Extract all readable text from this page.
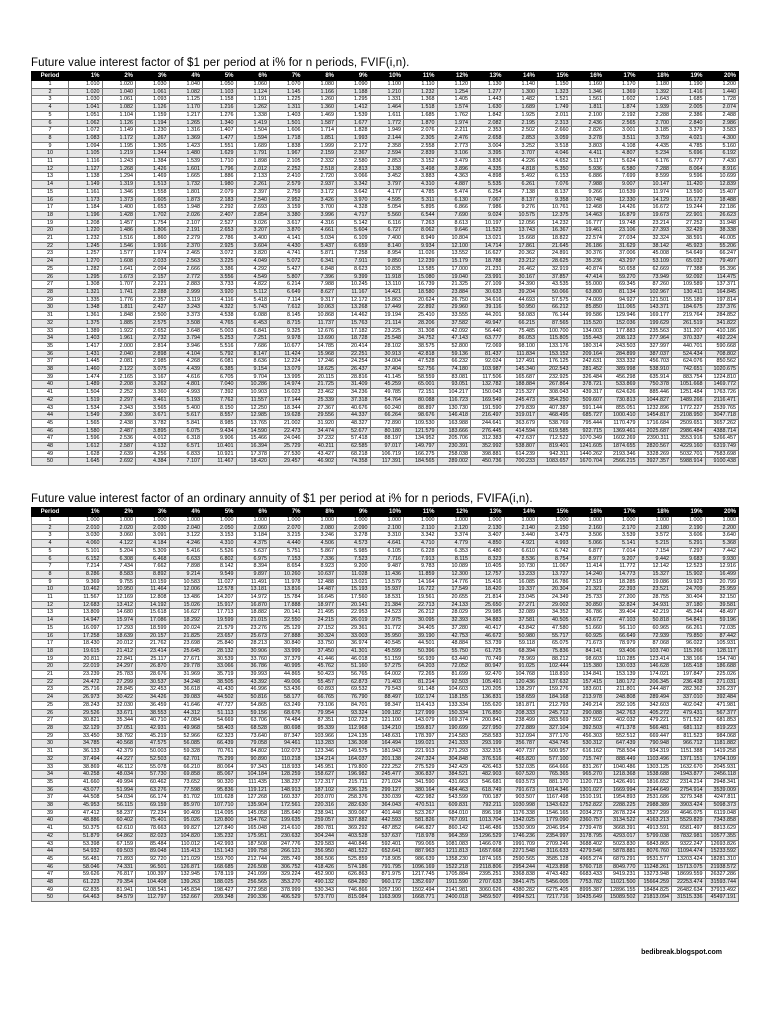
Future value interest factor of $1 per period at i% for n periods, FVIF(i,n).
Period	1%	2%	3%	4%	5%	6%	7%	8%	9%	10%	11%	12%	13%	14%	15%	16%	17%	18%	19%	20%
1	1.010	1.020	1.030	1.040	1.050	1.060	1.070	1.080	1.090	1.100	1.110	1.120	1.130	1.140	1.150	1.160	1.170	1.180	1.190	1.200
2	1.020	1.040	1.061	1.082	1.103	1.124	1.145	1.166	1.188	1.210	1.232	1.254	1.277	1.300	1.323	1.346	1.369	1.392	1.416	1.440
3	1.030	1.061	1.093	1.125	1.158	1.191	1.225	1.260	1.295	1.331	1.368	1.405	1.443	1.482	1.521	1.561	1.602	1.643	1.685	1.728
4	1.041	1.082	1.126	1.170	1.216	1.262	1.311	1.360	1.412	1.464	1.518	1.574	1.630	1.689	1.749	1.811	1.874	1.939	2.005	2.074
5	1.051	1.104	1.159	1.217	1.276	1.338	1.403	1.469	1.539	1.611	1.685	1.762	1.842	1.925	2.011	2.100	2.192	2.288	2.386	2.488
6	1.062	1.126	1.194	1.265	1.340	1.419	1.501	1.587	1.677	1.772	1.870	1.974	2.082	2.195	2.313	2.436	2.565	2.700	2.840	2.986
7	1.072	1.149	1.230	1.316	1.407	1.504	1.606	1.714	1.828	1.949	2.076	2.211	2.353	2.502	2.660	2.826	3.001	3.185	3.379	3.583
8	1.083	1.172	1.267	1.369	1.477	1.594	1.718	1.851	1.993	2.144	2.305	2.476	2.658	2.853	3.059	3.278	3.511	3.759	4.021	4.300
9	1.094	1.195	1.305	1.423	1.551	1.689	1.838	1.999	2.172	2.358	2.558	2.773	3.004	3.252	3.518	3.803	4.108	4.435	4.785	5.160
10	1.105	1.219	1.344	1.480	1.629	1.791	1.967	2.159	2.367	2.594	2.839	3.106	3.395	3.707	4.046	4.411	4.807	5.234	5.696	6.192
11	1.116	1.243	1.384	1.539	1.710	1.898	2.105	2.332	2.580	2.853	3.152	3.479	3.836	4.226	4.652	5.117	5.624	6.176	6.777	7.430
12	1.127	1.268	1.426	1.601	1.796	2.012	2.252	2.518	2.813	3.138	3.498	3.896	4.335	4.818	5.350	5.936	6.580	7.288	8.064	8.916
13	1.138	1.294	1.469	1.665	1.886	2.133	2.410	2.720	3.066	3.452	3.883	4.363	4.898	5.492	6.153	6.886	7.699	8.599	9.596	10.699
14	1.149	1.319	1.513	1.732	1.980	2.261	2.579	2.937	3.342	3.797	4.310	4.887	5.535	6.261	7.076	7.988	9.007	10.147	11.420	12.839
15	1.161	1.346	1.558	1.801	2.079	2.397	2.759	3.172	3.642	4.177	4.785	5.474	6.254	7.138	8.137	9.266	10.539	11.974	13.590	15.407
16	1.173	1.373	1.605	1.873	2.183	2.540	2.952	3.426	3.970	4.595	5.311	6.130	7.067	8.137	9.358	10.748	12.330	14.129	16.172	18.488
17	1.184	1.400	1.653	1.948	2.292	2.693	3.159	3.700	4.328	5.054	5.895	6.866	7.986	9.276	10.761	12.468	14.426	16.672	19.244	22.186
18	1.196	1.428	1.702	2.026	2.407	2.854	3.380	3.996	4.717	5.560	6.544	7.690	9.024	10.575	12.375	14.463	16.879	19.673	22.901	26.623
19	1.208	1.457	1.754	2.107	2.527	3.026	3.617	4.316	5.142	6.116	7.263	8.613	10.197	12.056	14.232	16.777	19.748	23.214	27.252	31.948
20	1.220	1.486	1.806	2.191	2.653	3.207	3.870	4.661	5.604	6.727	8.062	9.646	11.523	13.743	16.367	19.461	23.106	27.393	32.429	38.338
21	1.232	1.516	1.860	2.279	2.786	3.400	4.141	5.034	6.109	7.400	8.949	10.804	13.021	15.668	18.822	22.574	27.034	32.324	38.591	46.005
22	1.245	1.546	1.916	2.370	2.925	3.604	4.430	5.437	6.659	8.140	9.934	12.100	14.714	17.861	21.645	26.186	31.629	38.142	45.923	55.206
23	1.257	1.577	1.974	2.465	3.072	3.820	4.741	5.871	7.258	8.954	11.026	13.552	16.627	20.362	24.891	30.376	37.006	45.008	54.649	66.247
24	1.270	1.608	2.033	2.563	3.225	4.049	5.072	6.341	7.911	9.850	12.239	15.179	18.788	23.212	28.625	35.236	43.297	53.109	65.032	79.497
25	1.282	1.641	2.094	2.666	3.386	4.292	5.427	6.848	8.623	10.835	13.585	17.000	21.231	26.462	32.919	40.874	50.658	62.669	77.388	95.396
26	1.295	1.673	2.157	2.772	3.556	4.549	5.807	7.396	9.399	11.918	15.080	19.040	23.991	30.167	37.857	47.414	59.270	73.949	92.092	114.475
27	1.308	1.707	2.221	2.883	3.733	4.822	6.214	7.988	10.245	13.110	16.739	21.325	27.109	34.390	43.535	55.000	69.345	87.260	109.589	137.371
28	1.321	1.741	2.288	2.999	3.920	5.112	6.649	8.627	11.167	14.421	18.580	23.884	30.633	39.204	50.066	63.800	81.134	102.967	130.411	164.845
29	1.335	1.776	2.357	3.119	4.116	5.418	7.114	9.317	12.172	15.863	20.624	26.750	34.616	44.693	57.575	74.009	94.927	121.501	155.189	197.814
30	1.348	1.811	2.427	3.243	4.322	5.743	7.612	10.063	13.268	17.449	22.892	29.960	39.116	50.950	66.212	85.850	111.065	143.371	184.675	237.376
31	1.361	1.848	2.500	3.373	4.538	6.088	8.145	10.868	14.462	19.194	25.410	33.555	44.201	58.083	76.144	99.586	129.946	169.177	219.764	284.852
32	1.375	1.885	2.575	3.508	4.765	6.453	8.715	11.737	15.763	21.114	28.206	37.582	49.947	66.215	87.565	115.520	152.036	199.629	261.519	341.822
33	1.389	1.922	2.652	3.648	5.003	6.841	9.325	12.676	17.182	23.225	31.308	42.092	56.440	75.485	100.700	134.003	177.883	235.563	311.207	410.186
34	1.403	1.961	2.732	3.794	5.253	7.251	9.978	13.690	18.728	25.548	34.752	47.143	63.777	86.053	115.805	155.443	208.123	277.964	370.337	492.224
35	1.417	2.000	2.814	3.946	5.516	7.686	10.677	14.785	20.414	28.102	38.575	52.800	72.069	98.100	133.176	180.314	243.503	327.997	440.701	590.668
36	1.431	2.040	2.898	4.104	5.792	8.147	11.424	15.968	22.251	30.913	42.818	59.136	81.437	111.834	153.152	209.164	284.899	387.037	524.434	708.802
37	1.445	2.081	2.985	4.268	6.081	8.636	12.224	17.246	24.254	34.004	47.528	66.232	92.024	127.491	176.125	242.631	333.332	456.703	624.076	850.562
38	1.460	2.122	3.075	4.439	6.385	9.154	13.079	18.625	26.437	37.404	52.756	74.180	103.987	145.340	202.543	281.452	389.998	538.910	742.651	1020.675
39	1.474	2.165	3.167	4.616	6.705	9.704	13.995	20.115	28.816	41.145	58.559	83.081	117.506	165.687	232.925	326.484	456.298	635.914	883.754	1224.810
40	1.489	2.208	3.262	4.801	7.040	10.286	14.974	21.725	31.409	45.259	65.001	93.051	132.782	188.884	267.864	378.721	533.869	750.378	1051.668	1469.772
41	1.504	2.252	3.360	4.993	7.392	10.903	16.023	23.462	34.236	49.785	72.151	104.217	150.043	215.327	308.043	439.317	624.626	885.446	1251.484	1763.726
42	1.519	2.297	3.461	5.193	7.762	11.557	17.144	25.339	37.318	54.764	80.088	116.723	169.549	245.473	354.250	509.607	730.813	1044.827	1489.266	2116.471
43	1.534	2.343	3.565	5.400	8.150	12.250	18.344	27.367	40.676	60.240	88.897	130.730	191.590	279.839	407.387	591.144	855.051	1232.896	1772.227	2539.765
44	1.549	2.390	3.671	5.617	8.557	12.985	19.628	29.556	44.337	66.264	98.676	146.418	216.497	319.017	468.495	685.727	1000.410	1454.817	2108.950	3047.718
45	1.565	2.438	3.782	5.841	8.985	13.765	21.002	31.920	48.327	72.890	109.530	163.988	244.641	363.679	538.769	795.444	1170.479	1716.684	2509.651	3657.262
46	1.580	2.487	3.895	6.075	9.434	14.590	22.473	34.474	52.677	80.180	121.579	183.666	276.445	414.594	619.585	922.715	1369.461	2025.687	2986.484	4388.714
47	1.596	2.536	4.012	6.318	9.906	15.466	24.046	37.232	57.418	88.197	134.952	205.706	312.383	472.637	712.522	1070.349	1602.269	2390.311	3553.916	5266.457
48	1.612	2.587	4.132	6.571	10.401	16.394	25.729	40.211	62.585	97.017	149.797	230.391	352.992	538.807	819.401	1241.605	1874.655	2820.567	4229.160	6319.749
49	1.628	2.639	4.256	6.833	10.921	17.378	27.530	43.427	68.218	106.719	166.275	258.038	398.881	614.239	942.311	1440.262	2193.346	3328.269	5032.701	7583.698
50	1.645	2.692	4.384	7.107	11.467	18.420	29.457	46.902	74.358	117.391	184.565	289.002	450.736	700.233	1083.657	1670.704	2566.215	3927.357	5988.914	9100.438
Future value interest factor of an ordinary annuity of $1 per period at i% for n periods, FVIFA(i,n).
Period	1%	2%	3%	4%	5%	6%	7%	8%	9%	10%	11%	12%	13%	14%	15%	16%	17%	18%	19%	20%
1	1.000	1.000	1.000	1.000	1.000	1.000	1.000	1.000	1.000	1.000	1.000	1.000	1.000	1.000	1.000	1.000	1.000	1.000	1.000	1.000
2	2.010	2.020	2.030	2.040	2.050	2.060	2.070	2.080	2.090	2.100	2.110	2.120	2.130	2.140	2.150	2.160	2.170	2.180	2.190	2.200
3	3.030	3.060	3.091	3.122	3.153	3.184	3.215	3.246	3.278	3.310	3.342	3.374	3.407	3.440	3.473	3.506	3.539	3.572	3.606	3.640
4	4.060	4.122	4.184	4.246	4.310	4.375	4.440	4.506	4.573	4.641	4.710	4.779	4.850	4.921	4.993	5.066	5.141	5.215	5.291	5.368
5	5.101	5.204	5.309	5.416	5.526	5.637	5.751	5.867	5.985	6.105	6.228	6.353	6.480	6.610	6.742	6.877	7.014	7.154	7.297	7.442
6	6.152	6.308	6.468	6.633	6.802	6.975	7.153	7.336	7.523	7.716	7.913	8.115	8.323	8.536	8.754	8.977	9.207	9.442	9.683	9.930
7	7.214	7.434	7.662	7.898	8.142	8.394	8.654	8.923	9.200	9.487	9.783	10.089	10.405	10.730	11.067	11.414	11.772	12.142	12.523	12.916
8	8.286	8.583	8.892	9.214	9.549	9.897	10.260	10.637	11.028	11.436	11.859	12.300	12.757	13.233	13.727	14.240	14.773	15.327	15.902	16.499
9	9.369	9.755	10.159	10.583	11.027	11.491	11.978	12.488	13.021	13.579	14.164	14.776	15.416	16.085	16.786	17.519	18.285	19.086	19.923	20.799
10	10.462	10.950	11.464	12.006	12.578	13.181	13.816	14.487	15.193	15.937	16.722	17.549	18.420	19.337	20.304	21.321	22.393	23.521	24.709	25.959
11	11.567	12.169	12.808	13.486	14.207	14.972	15.784	16.645	17.560	18.531	19.561	20.655	21.814	23.045	24.349	25.733	27.200	28.755	30.404	32.150
12	12.683	13.412	14.192	15.026	15.917	16.870	17.888	18.977	20.141	21.384	22.713	24.133	25.650	27.271	29.002	30.850	32.824	34.931	37.180	39.581
13	13.809	14.680	15.618	16.627	17.713	18.882	20.141	21.495	22.953	24.523	26.212	28.029	29.985	32.089	34.352	36.786	39.404	42.219	45.244	48.497
14	14.947	15.974	17.086	18.292	19.599	21.015	22.550	24.215	26.019	27.975	30.095	32.393	34.883	37.581	40.505	43.672	47.103	50.818	54.841	59.196
15	16.097	17.293	18.599	20.024	21.579	23.276	25.129	27.152	29.361	31.772	34.405	37.280	40.417	43.842	47.580	51.660	56.110	60.965	66.261	72.035
16	17.258	18.639	20.157	21.825	23.657	25.673	27.888	30.324	33.003	35.950	39.190	42.753	46.672	50.980	55.717	60.925	66.649	72.939	79.850	87.442
17	18.430	20.012	21.762	23.698	25.840	28.213	30.840	33.750	36.974	40.545	44.501	48.884	53.739	59.118	65.075	71.673	78.979	87.068	96.022	105.931
18	19.615	21.412	23.414	25.645	28.132	30.906	33.999	37.450	41.301	45.599	50.396	55.750	61.725	68.394	75.836	84.141	93.406	103.740	115.266	128.117
19	20.811	22.841	25.117	27.671	30.539	33.760	37.379	41.446	46.018	51.159	56.939	63.440	70.749	78.969	88.212	98.603	110.285	123.414	138.166	154.740
20	22.019	24.297	26.870	29.778	33.066	36.786	40.995	45.762	51.160	57.275	64.203	72.052	80.947	91.025	102.444	115.380	130.033	146.628	165.418	186.688
21	23.239	25.783	28.676	31.969	35.719	39.993	44.865	50.423	56.765	64.002	72.265	81.699	92.470	104.768	118.810	134.841	153.139	174.021	197.847	225.026
22	24.472	27.299	30.537	34.248	38.505	43.392	49.006	55.457	62.873	71.403	81.214	92.503	105.491	120.436	137.632	157.415	180.172	206.345	236.438	271.031
23	25.716	28.845	32.453	36.618	41.430	46.996	53.436	60.893	69.532	79.543	91.148	104.603	120.205	138.297	159.276	183.601	211.801	244.487	282.362	326.237
24	26.973	30.422	34.426	39.083	44.502	50.816	58.177	66.765	76.790	88.497	102.174	118.155	136.831	158.659	184.168	213.978	248.808	289.494	337.010	392.484
25	28.243	32.030	36.459	41.646	47.727	54.865	63.249	73.106	84.701	98.347	114.413	133.334	155.620	181.871	212.793	249.214	292.105	342.603	402.042	471.981
26	29.526	33.671	38.553	44.312	51.113	59.156	68.676	79.954	93.324	109.182	127.999	150.334	176.850	208.333	245.712	290.088	342.763	405.272	479.431	567.377
27	30.821	35.344	40.710	47.084	54.669	63.706	74.484	87.351	102.723	121.100	143.079	169.374	200.841	238.499	283.569	337.502	402.032	479.221	571.522	681.853
28	32.129	37.051	42.931	49.968	58.403	68.528	80.698	95.339	112.968	134.210	159.817	190.699	227.950	272.889	327.104	392.503	471.378	566.481	681.112	819.223
29	33.450	38.792	45.219	52.966	62.323	73.640	87.347	103.966	124.135	148.631	178.397	214.583	258.583	312.094	377.170	456.303	552.512	669.447	811.523	984.068
30	34.785	40.568	47.575	56.085	66.439	79.058	94.461	113.283	136.308	164.494	199.021	241.333	293.199	356.787	434.745	530.312	647.439	790.948	966.712	1181.882
31	36.133	42.379	50.003	59.328	70.761	84.802	102.073	123.346	149.575	181.943	221.913	271.293	332.315	407.737	500.957	616.162	758.504	934.319	1151.388	1419.258
32	37.494	44.227	52.503	62.701	75.299	90.890	110.218	134.214	164.037	201.138	247.324	304.848	376.516	465.820	577.100	715.747	888.449	1103.496	1371.151	1704.109
33	38.869	46.112	55.078	66.210	80.064	97.343	118.933	145.951	179.800	222.252	275.529	342.429	426.463	532.035	664.666	831.267	1040.486	1303.125	1632.670	2045.931
34	40.258	48.034	57.730	69.858	85.067	104.184	128.259	158.627	196.982	245.477	306.837	384.521	482.903	607.520	765.365	965.270	1218.368	1538.688	1943.877	2456.118
35	41.660	49.994	60.462	73.652	90.320	111.435	138.237	172.317	215.711	271.024	341.590	431.663	546.681	693.573	881.170	1120.713	1426.491	1816.652	2314.214	2948.341
36	43.077	51.994	63.276	77.598	95.836	119.121	148.913	187.102	236.125	299.127	380.164	484.463	618.749	791.673	1014.346	1301.027	1669.994	2144.649	2754.914	3539.009
37	44.508	54.034	66.174	81.702	101.628	127.268	160.337	203.070	258.376	330.039	422.982	543.599	700.187	903.507	1167.498	1510.191	1954.893	2531.686	3279.348	4247.811
38	45.953	56.115	69.159	85.970	107.710	135.904	172.561	220.316	282.630	364.043	470.511	609.831	792.211	1030.998	1343.622	1752.822	2288.225	2988.389	3903.424	5098.373
39	47.412	58.237	72.234	90.409	114.095	145.058	185.640	238.941	309.067	401.448	523.267	684.010	896.198	1176.338	1546.165	2034.273	2678.224	3527.299	4646.075	6119.048
40	48.886	60.402	75.401	95.026	120.800	154.762	199.635	259.057	337.882	442.593	581.826	767.091	1013.704	1342.025	1779.090	2360.757	3134.522	4163.213	5529.829	7343.858
41	50.375	62.610	78.663	99.827	127.840	165.048	214.610	280.781	369.292	487.852	646.827	860.142	1146.486	1530.909	2046.954	2739.478	3668.391	4913.591	6581.497	8813.629
42	51.879	64.862	82.023	104.820	135.232	175.951	230.632	304.244	403.528	537.637	718.978	964.359	1296.529	1746.236	2354.997	3178.795	4293.017	5799.038	7832.981	10577.355
43	53.398	67.159	85.484	110.012	142.993	187.508	247.776	329.583	440.846	592.401	799.065	1081.083	1466.078	1991.709	2709.246	3688.402	5023.830	6843.865	9322.247	12693.826
44	54.932	69.503	89.048	115.413	151.143	199.758	266.121	356.950	481.522	652.641	887.963	1211.813	1657.668	2271.548	3116.633	4279.546	5878.881	8076.760	11094.474	15233.592
45	56.481	71.893	92.720	121.029	159.700	212.744	285.749	386.506	525.859	718.905	986.639	1358.230	1874.165	2590.565	3585.128	4965.274	6879.291	9531.577	13203.424	18281.310
46	58.046	74.331	96.501	126.871	168.685	226.508	306.752	418.426	574.186	791.795	1096.169	1522.218	2118.806	2954.244	4123.898	5760.718	8049.770	11248.261	15713.075	21938.572
47	59.626	76.817	100.397	132.945	178.119	241.099	329.224	452.900	626.863	871.975	1217.745	1705.884	2395.251	3368.838	4743.482	6683.433	9419.231	13273.948	18699.559	26327.286
48	61.223	79.354	104.408	139.263	188.025	256.565	353.270	490.132	684.280	960.172	1352.697	1911.590	2707.633	3841.475	5456.005	7753.782	11021.500	15664.259	22253.474	31593.744
49	62.835	81.941	108.541	145.834	198.427	272.958	378.999	530.343	746.866	1057.190	1502.494	2141.981	3060.626	4380.282	6275.405	8995.387	12896.155	18484.825	26482.634	37913.492
50	64.463	84.579	112.797	152.667	209.348	290.336	406.529	573.770	815.084	1163.909	1668.771	2400.018	3459.507	4994.521	7217.716	10435.649	15089.502	21813.094	31515.336	45497.191
bedibreak.blogspot.com
